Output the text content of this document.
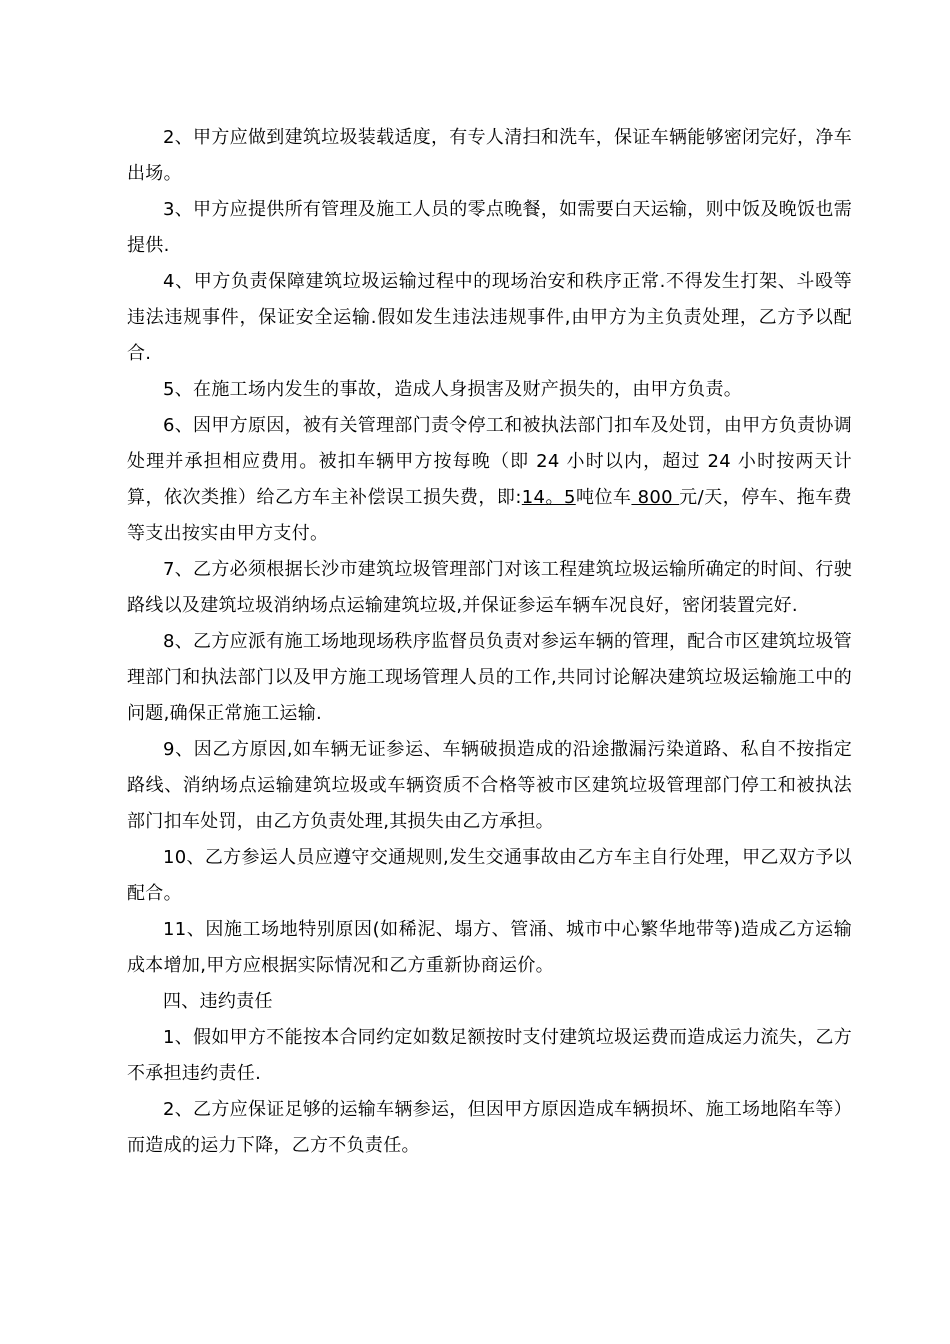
2、甲方应做到建筑垃圾装载适度，有专人清扫和洗车，保证车辆能够密闭完好，净车出场。

3、甲方应提供所有管理及施工人员的零点晚餐，如需要白天运输，则中饭及晚饭也需提供.

4、甲方负责保障建筑垃圾运输过程中的现场治安和秩序正常.不得发生打架、斗殴等违法违规事件，保证安全运输.假如发生违法违规事件,由甲方为主负责处理，乙方予以配合.

5、在施工场内发生的事故，造成人身损害及财产损失的，由甲方负责。

6、因甲方原因，被有关管理部门责令停工和被执法部门扣车及处罚，由甲方负责协调处理并承担相应费用。被扣车辆甲方按每晚（即 24 小时以内，超过 24 小时按两天计算，依次类推）给乙方车主补偿误工损失费，即:14。5吨位车 800 元/天，停车、拖车费等支出按实由甲方支付。

7、乙方必须根据长沙市建筑垃圾管理部门对该工程建筑垃圾运输所确定的时间、行驶路线以及建筑垃圾消纳场点运输建筑垃圾,并保证参运车辆车况良好，密闭装置完好.

8、乙方应派有施工场地现场秩序监督员负责对参运车辆的管理，配合市区建筑垃圾管理部门和执法部门以及甲方施工现场管理人员的工作,共同讨论解决建筑垃圾运输施工中的问题,确保正常施工运输.

9、因乙方原因,如车辆无证参运、车辆破损造成的沿途撒漏污染道路、私自不按指定路线、消纳场点运输建筑垃圾或车辆资质不合格等被市区建筑垃圾管理部门停工和被执法部门扣车处罚，由乙方负责处理,其损失由乙方承担。

10、乙方参运人员应遵守交通规则,发生交通事故由乙方车主自行处理，甲乙双方予以配合。

11、因施工场地特别原因(如稀泥、塌方、管涌、城市中心繁华地带等)造成乙方运输成本增加,甲方应根据实际情况和乙方重新协商运价。

四、违约责任

1、假如甲方不能按本合同约定如数足额按时支付建筑垃圾运费而造成运力流失，乙方不承担违约责任.

2、乙方应保证足够的运输车辆参运，但因甲方原因造成车辆损坏、施工场地陷车等）而造成的运力下降，乙方不负责任。
